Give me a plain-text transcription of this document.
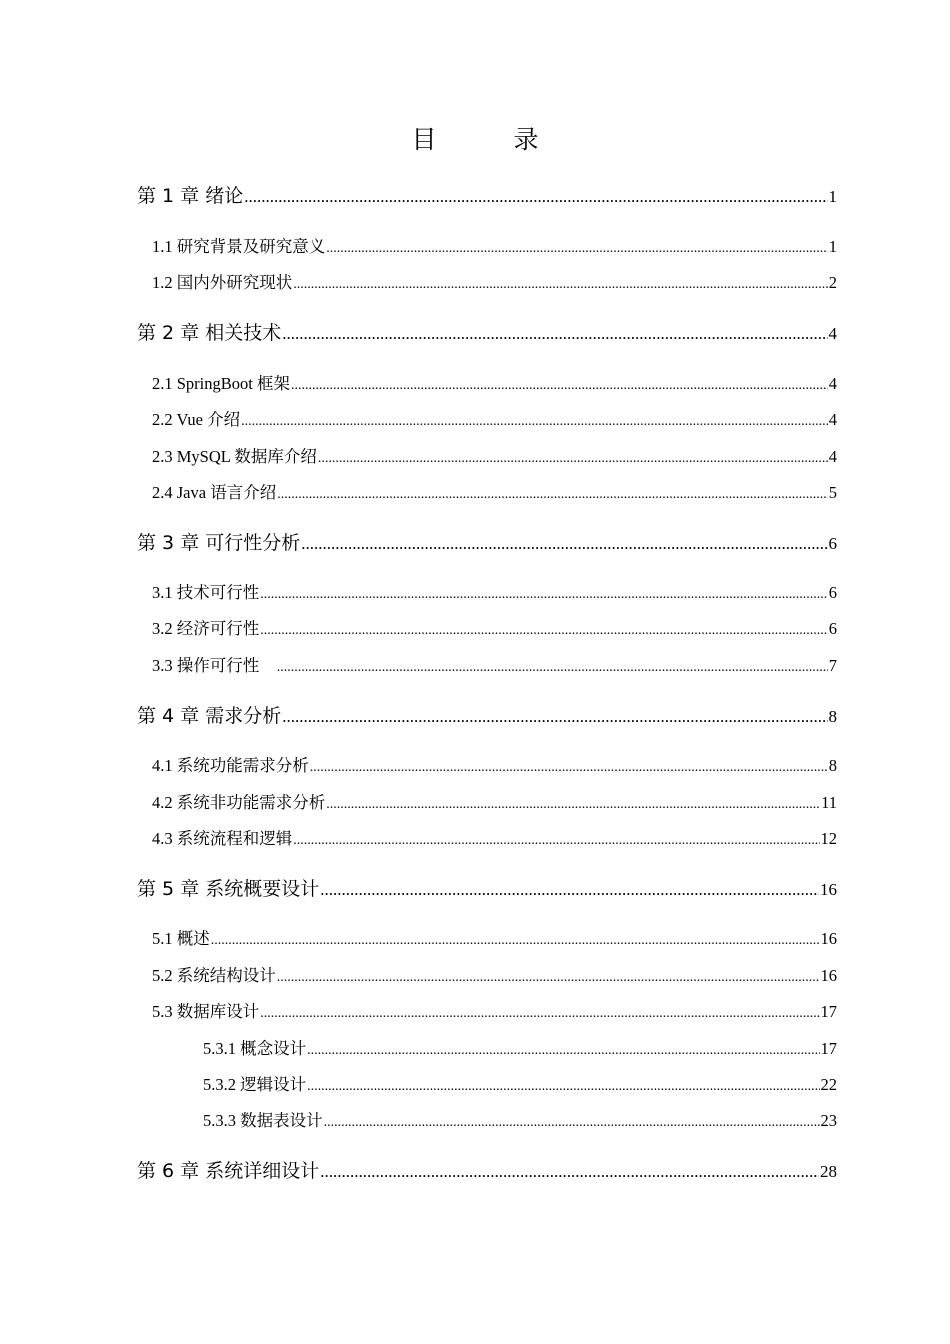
目　录
第 1 章 绪论 .....	1
1.1 研究背景及研究意义 .....	1
1.2 国内外研究现状 .....	2
第 2 章 相关技术 .....	4
2.1 SpringBoot 框架 .....	4
2.2 Vue 介绍 .....	4
2.3 MySQL 数据库介绍 .....	4
2.4 Java 语言介绍 .....	5
第 3 章 可行性分析 .....	6
3.1 技术可行性 .....	6
3.2 经济可行性 .....	6
3.3 操作可行性　 .....	7
第 4 章 需求分析 .....	8
4.1 系统功能需求分析 .....	8
4.2 系统非功能需求分析 .....	11
4.3 系统流程和逻辑 .....	12
第 5 章 系统概要设计 .....	16
5.1 概述 .....	16
5.2 系统结构设计 .....	16
5.3 数据库设计 .....	17
5.3.1 概念设计 .....	17
5.3.2 逻辑设计 .....	22
5.3.3 数据表设计 .....	23
第 6 章 系统详细设计 .....	28
